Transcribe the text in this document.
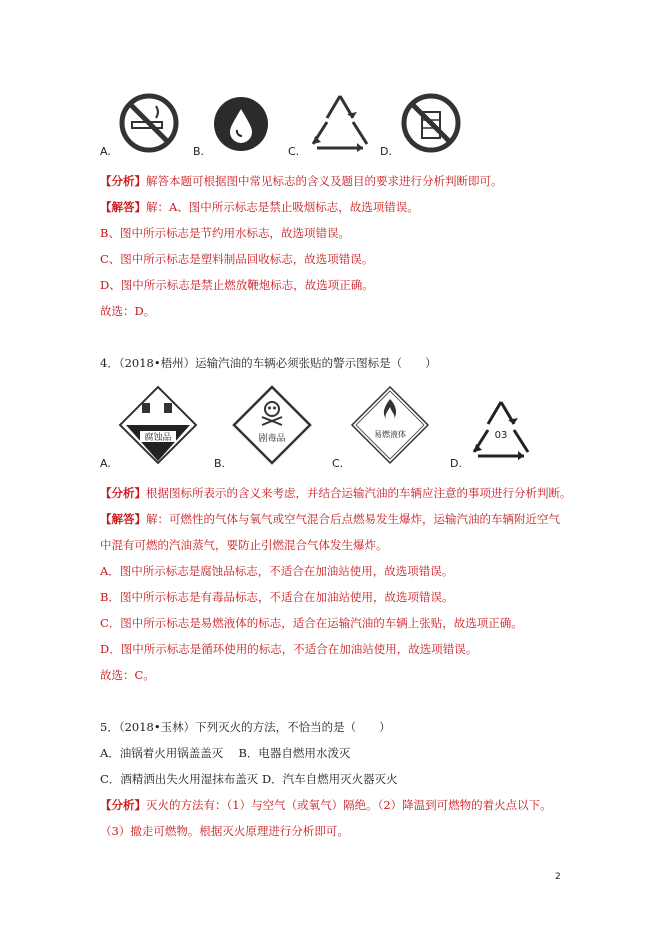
A.	B.	C.	D.
【分析】解答本题可根据图中常见标志的含义及题目的要求进行分析判断即可。
【解答】解：A、图中所示标志是禁止吸烟标志，故选项错误。
B、图中所示标志是节约用水标志，故选项错误。
C、图中所示标志是塑料制品回收标志，故选项错误。
D、图中所示标志是禁止燃放鞭炮标志，故选项正确。
故选：D。
4．（2018•梧州）运输汽油的车辆必须张贴的警示图标是（　　）
腐蚀品
A.
剧毒品
B.
易燃液体
C.
03
D.
【分析】根据图标所表示的含义来考虑，并结合运输汽油的车辆应注意的事项进行分析判断。
【解答】解：可燃性的气体与氧气或空气混合后点燃易发生爆炸，运输汽油的车辆附近空气
中混有可燃的汽油蒸气，要防止引燃混合气体发生爆炸。
A．图中所示标志是腐蚀品标志，不适合在加油站使用，故选项错误。
B．图中所示标志是有毒品标志，不适合在加油站使用，故选项错误。
C．图中所示标志是易燃液体的标志，适合在运输汽油的车辆上张贴，故选项正确。
D．图中所示标志是循环使用的标志，不适合在加油站使用，故选项错误。
故选：C。
5．（2018•玉林）下列灭火的方法，不恰当的是（　　）
A．油锅着火用锅盖盖灭　 B．电器自燃用水泼灭
C．酒精洒出失火用湿抹布盖灭 D．汽车自燃用灭火器灭火
【分析】灭火的方法有：（1）与空气（或氧气）隔绝。（2）降温到可燃物的着火点以下。
（3）撤走可燃物。根据灭火原理进行分析即可。
2
